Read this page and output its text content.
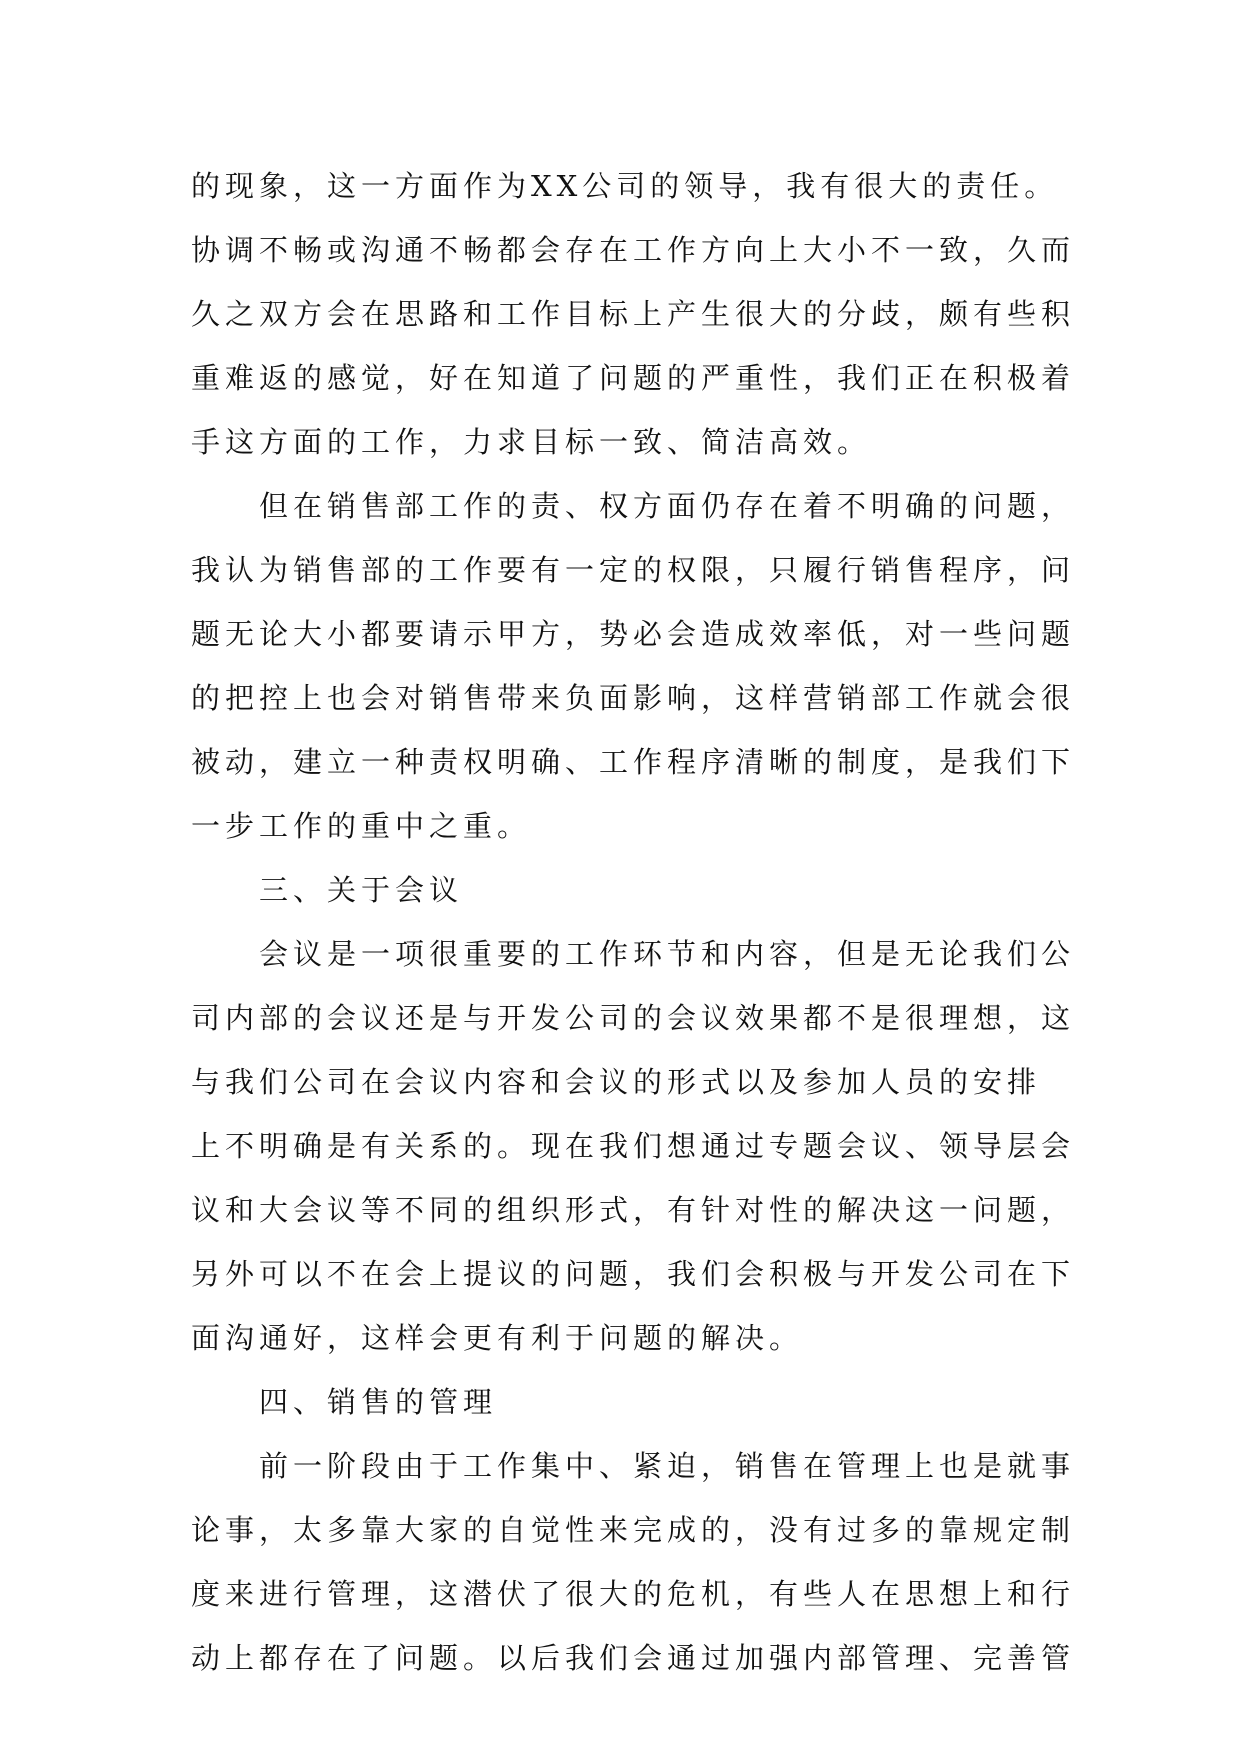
的现象，这一方面作为XX公司的领导，我有很大的责任。
协调不畅或沟通不畅都会存在工作方向上大小不一致，久而
久之双方会在思路和工作目标上产生很大的分歧，颇有些积
重难返的感觉，好在知道了问题的严重性，我们正在积极着
手这方面的工作，力求目标一致、简洁高效。
但在销售部工作的责、权方面仍存在着不明确的问题，
我认为销售部的工作要有一定的权限，只履行销售程序，问
题无论大小都要请示甲方，势必会造成效率低，对一些问题
的把控上也会对销售带来负面影响，这样营销部工作就会很
被动，建立一种责权明确、工作程序清晰的制度，是我们下
一步工作的重中之重。
三、关于会议
会议是一项很重要的工作环节和内容，但是无论我们公
司内部的会议还是与开发公司的会议效果都不是很理想，这
与我们公司在会议内容和会议的形式以及参加人员的安排
上不明确是有关系的。现在我们想通过专题会议、领导层会
议和大会议等不同的组织形式，有针对性的解决这一问题，
另外可以不在会上提议的问题，我们会积极与开发公司在下
面沟通好，这样会更有利于问题的解决。
四、销售的管理
前一阶段由于工作集中、紧迫，销售在管理上也是就事
论事，太多靠大家的自觉性来完成的，没有过多的靠规定制
度来进行管理，这潜伏了很大的危机，有些人在思想上和行
动上都存在了问题。以后我们会通过加强内部管理、完善管
